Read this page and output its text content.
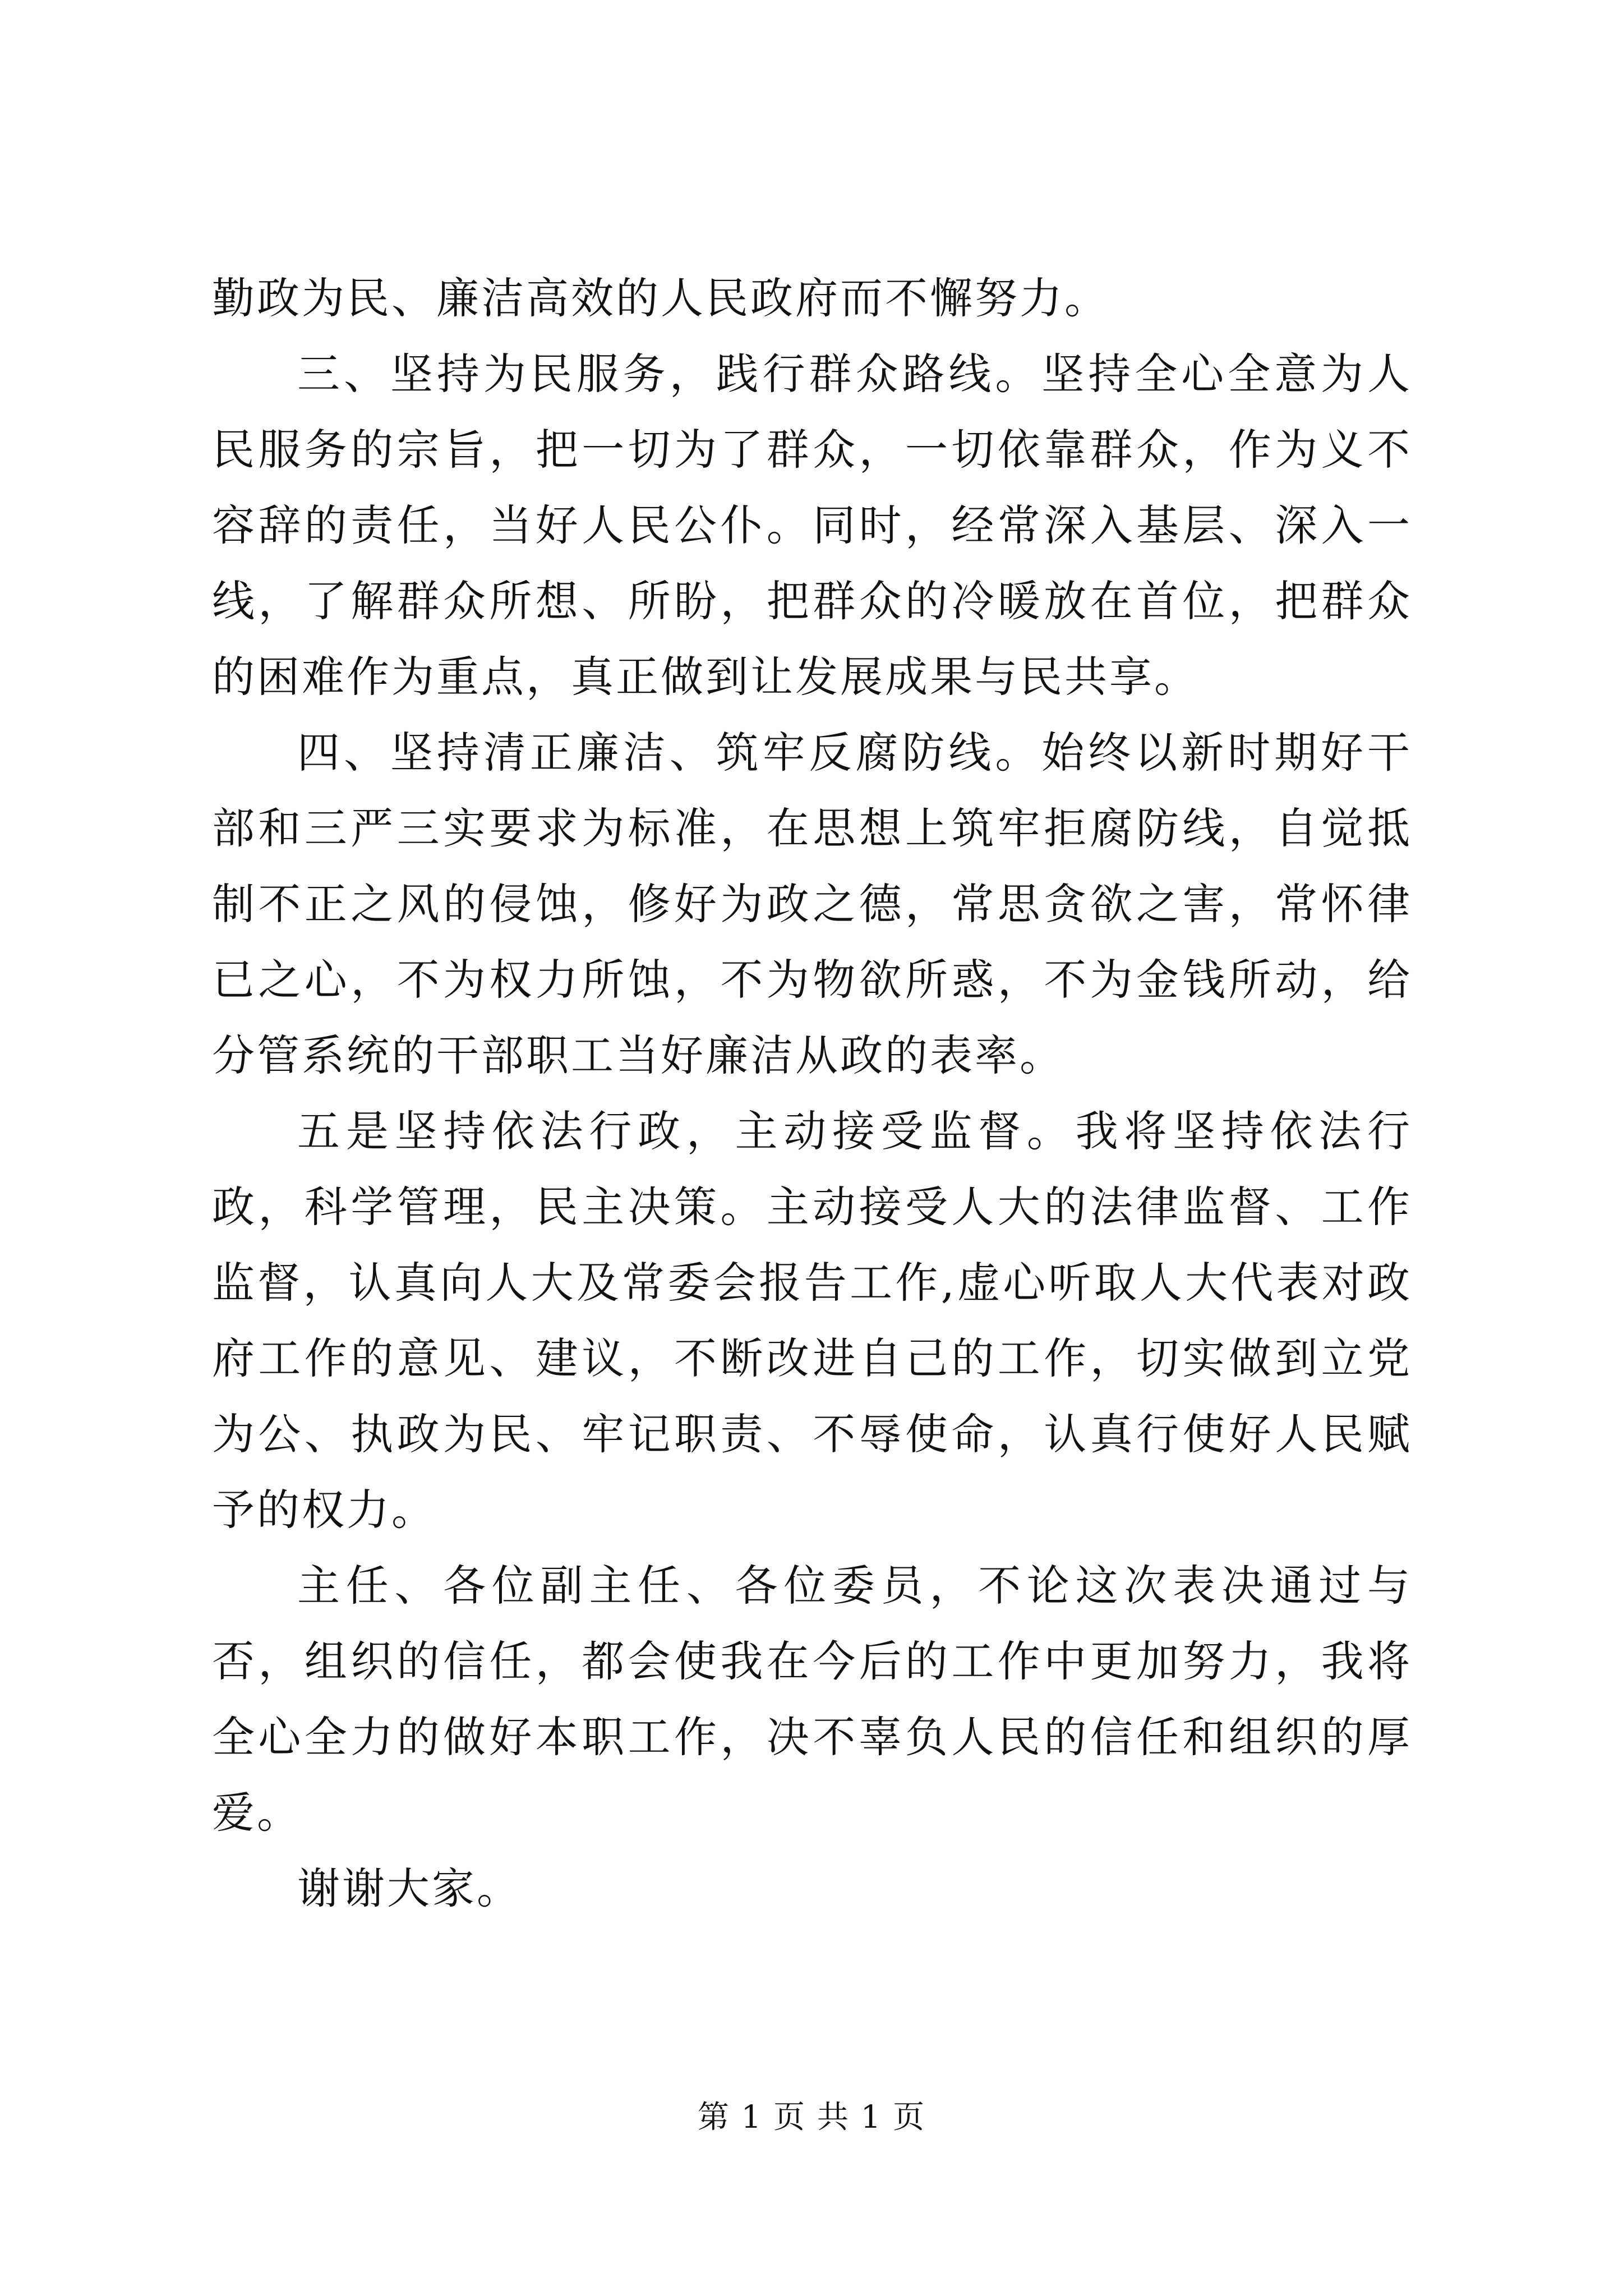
勤政为民、廉洁高效的人民政府而不懈努力。

三、坚持为民服务，践行群众路线。坚持全心全意为人民服务的宗旨，把一切为了群众，一切依靠群众，作为义不容辞的责任，当好人民公仆。同时，经常深入基层、深入一线，了解群众所想、所盼，把群众的冷暖放在首位，把群众的困难作为重点，真正做到让发展成果与民共享。

四、坚持清正廉洁、筑牢反腐防线。始终以新时期好干部和三严三实要求为标准，在思想上筑牢拒腐防线，自觉抵制不正之风的侵蚀，修好为政之德，常思贪欲之害，常怀律已之心，不为权力所蚀，不为物欲所惑，不为金钱所动，给分管系统的干部职工当好廉洁从政的表率。

五是坚持依法行政，主动接受监督。我将坚持依法行政，科学管理，民主决策。主动接受人大的法律监督、工作监督，认真向人大及常委会报告工作,虚心听取人大代表对政府工作的意见、建议，不断改进自己的工作，切实做到立党为公、执政为民、牢记职责、不辱使命，认真行使好人民赋予的权力。

主任、各位副主任、各位委员，不论这次表决通过与否，组织的信任，都会使我在今后的工作中更加努力，我将全心全力的做好本职工作，决不辜负人民的信任和组织的厚爱。

谢谢大家。

第 1 页 共 1 页
